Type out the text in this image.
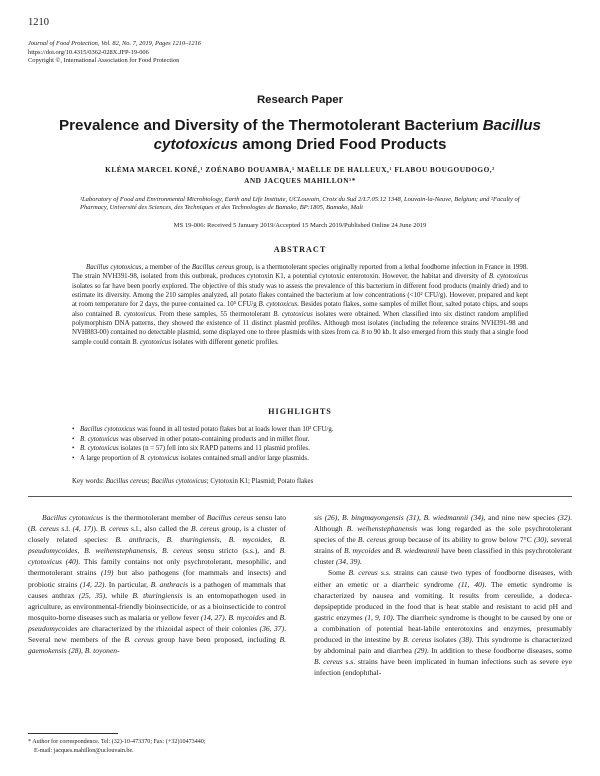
1210
Journal of Food Protection, Vol. 82, No. 7, 2019, Pages 1210–1216
https://doi.org/10.4315/0362-028X.JFP-19-006
Copyright ©, International Association for Food Protection
Research Paper
Prevalence and Diversity of the Thermotolerant Bacterium Bacillus
cytotoxicus among Dried Food Products
KLÉMA MARCEL KONÉ,¹ ZOÉNABO DOUAMBA,¹ MAËLLE DE HALLEUX,¹ FLABOU BOUGOUDOGO,²
AND JACQUES MAHILLON¹*
¹Laboratory of Food and Environmental Microbiology, Earth and Life Institute, UCLouvain, Croix du Sud 2/L7.05.12 1348, Louvain-la-Neuve, Belgium; and ²Faculty of Pharmacy, Université des Sciences, des Techniques et des Technologies de Bamako, BP:1805, Bamako, Mali
MS 19-006: Received 5 January 2019/Accepted 15 March 2019/Published Online 24 June 2019
ABSTRACT
Bacillus cytotoxicus, a member of the Bacillus cereus group, is a thermotolerant species originally reported from a lethal foodborne infection in France in 1998. The strain NVH391-98, isolated from this outbreak, produces cytotoxin K1, a potential cytotoxic enterotoxin. However, the habitat and diversity of B. cytotoxicus isolates so far have been poorly explored. The objective of this study was to assess the prevalence of this bacterium in different food products (mainly dried) and to estimate its diversity. Among the 210 samples analyzed, all potato flakes contained the bacterium at low concentrations (<10² CFU/g). However, prepared and kept at room temperature for 2 days, the puree contained ca. 10⁵ CFU/g B. cytotoxicus. Besides potato flakes, some samples of millet flour, salted potato chips, and soups also contained B. cytotoxicus. From these samples, 55 thermotolerant B. cytotoxicus isolates were obtained. When classified into six distinct random amplified polymorphism DNA patterns, they showed the existence of 11 distinct plasmid profiles. Although most isolates (including the reference strains NVH391-98 and NVH883-00) contained no detectable plasmid, some displayed one to three plasmids with sizes from ca. 8 to 90 kb. It also emerged from this study that a single food sample could contain B. cytotoxicus isolates with different genetic profiles.
HIGHLIGHTS
• Bacillus cytotoxicus was found in all tested potato flakes but at loads lower than 10² CFU/g.
• B. cytotoxicus was observed in other potato-containing products and in millet flour.
• B. cytotoxicus isolates (n = 57) fell into six RAPD patterns and 11 plasmid profiles.
• A large proportion of B. cytotoxicus isolates contained small and/or large plasmids.
Key words: Bacillus cereus; Bacillus cytotoxicus; Cytotoxin K1; Plasmid; Potato flakes

Bacillus cytotoxicus is the thermotolerant member of Bacillus cereus sensu lato (B. cereus s.l. (4, 17)). B. cereus s.l., also called the B. cereus group, is a cluster of closely related species: B. anthracis, B. thuringiensis, B. mycoides, B. pseudomycoides, B. weihenstephanensis, B. cereus sensu stricto (s.s.), and B. cytotoxicus (40). This family contains not only psychrotolerant, mesophilic, and thermotolerant strains (19) but also pathogens (for mammals and insects) and probiotic strains (14, 22). In particular, B. anthracis is a pathogen of mammals that causes anthrax (25, 35), while B. thuringiensis is an entomopathogen used in agriculture, as environmental-friendly bioinsecticide, or as a bioinsecticide to control mosquito-borne diseases such as malaria or yellow fever (14, 27). B. mycoides and B. pseudomycoides are characterized by the rhizoidal aspect of their colonies (36, 37). Several new members of the B. cereus group have been proposed, including B. gaemokensis (28), B. toyonen-

sis (26), B. bingmayongensis (31), B. wiedmannii (34), and nine new species (32). Although B. weihenstephanensis was long regarded as the sole psychrotolerant species of the B. cereus group because of its ability to grow below 7°C (30), several strains of B. mycoides and B. wiedmannii have been classified in this psychrotolerant cluster (34, 39).

Some B. cereus s.s. strains can cause two types of foodborne diseases, with either an emetic or a diarrheic syndrome (11, 40). The emetic syndrome is characterized by nausea and vomiting. It results from cereulide, a dodeca-depsipeptide produced in the food that is heat stable and resistant to acid pH and gastric enzymes (1, 9, 10). The diarrheic syndrome is thought to be caused by one or a combination of potential heat-labile enterotoxins and enzymes, presumably produced in the intestine by B. cereus isolates (38). This syndrome is characterized by abdominal pain and diarrhea (29). In addition to these foodborne diseases, some B. cereus s.s. strains have been implicated in human infections such as severe eye infection (endophthal-

* Author for correspondence. Tel: (32)-10-473370; Fax: (+32)10473440;
E-mail: jacques.mahillon@uclouvain.be.
